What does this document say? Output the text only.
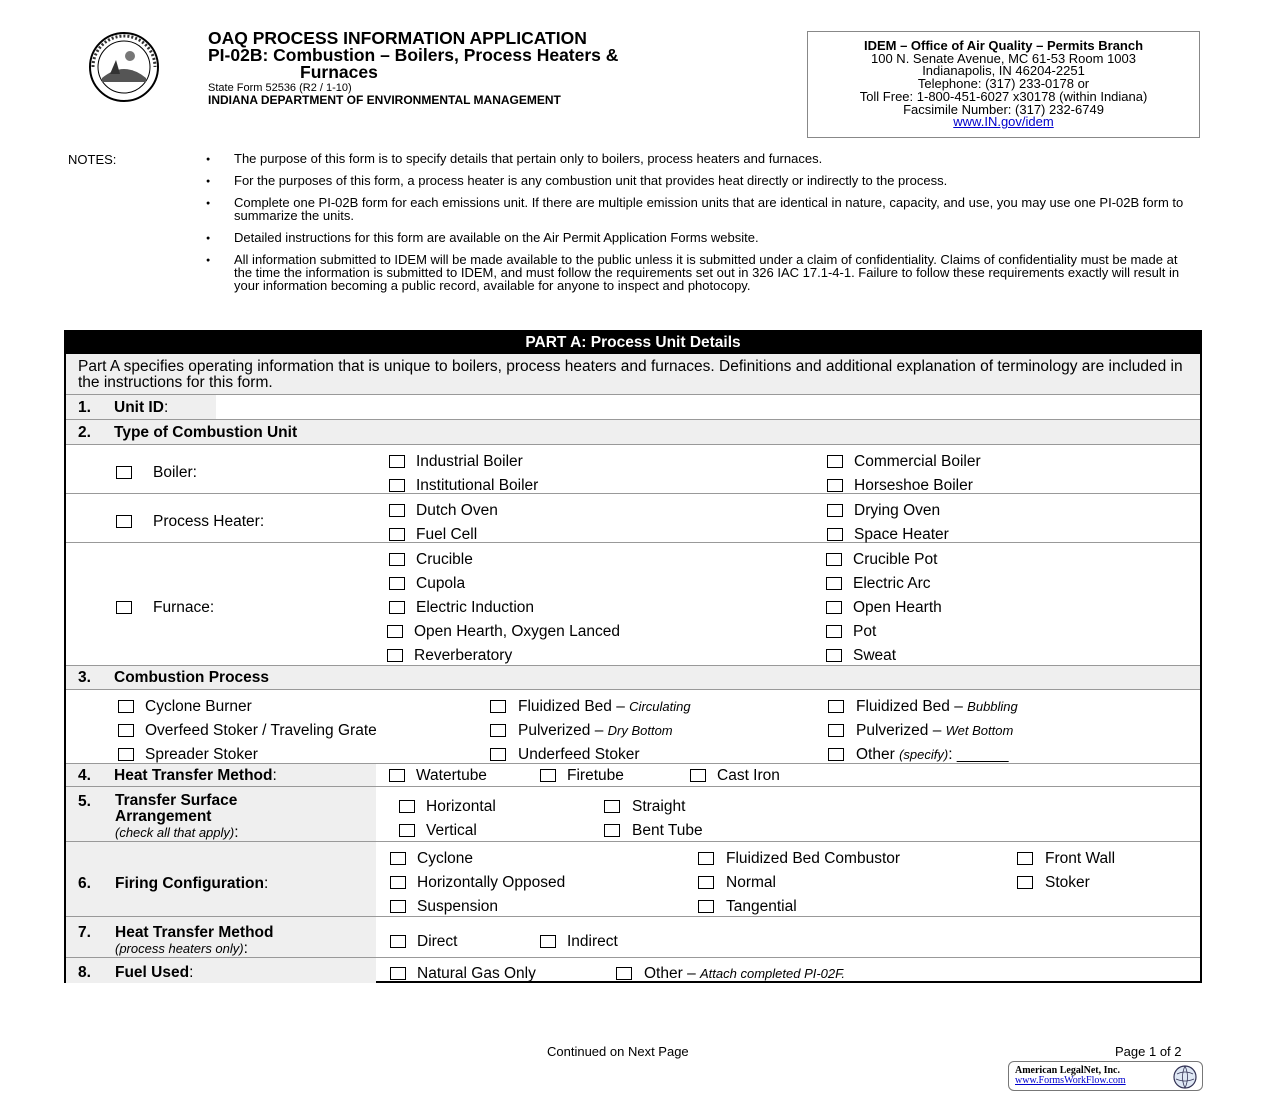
OAQ PROCESS INFORMATION APPLICATION
PI-02B: Combustion – Boilers, Process Heaters &
Furnaces
State Form 52536 (R2 / 1-10)
INDIANA DEPARTMENT OF ENVIRONMENTAL MANAGEMENT
IDEM – Office of Air Quality – Permits Branch
100 N. Senate Avenue, MC 61-53 Room 1003
Indianapolis, IN 46204-2251
Telephone: (317) 233-0178 or
Toll Free: 1-800-451-6027 x30178 (within Indiana)
Facsimile Number: (317) 232-6749
www.IN.gov/idem
NOTES:
●	The purpose of this form is to specify details that pertain only to boilers, process heaters and furnaces.
● For the purposes of this form, a process heater is any combustion unit that provides heat directly or indirectly to the process.
● Complete one PI-02B form for each emissions unit. If there are multiple emission units that are identical in nature, capacity, and use, you may use one PI-02B form to summarize the units.
● Detailed instructions for this form are available on the Air Permit Application Forms website.
● All information submitted to IDEM will be made available to the public unless it is submitted under a claim of confidentiality. Claims of confidentiality must be made at the time the information is submitted to IDEM, and must follow the requirements set out in 326 IAC 17.1-4-1. Failure to follow these requirements exactly will result in your information becoming a public record, available for anyone to inspect and photocopy.
PART A: Process Unit Details
Part A specifies operating information that is unique to boilers, process heaters and furnaces. Definitions and additional explanation of terminology are included in the instructions for this form.
1. Unit ID:
2. Type of Combustion Unit
Boiler:
Industrial Boiler	Commercial Boiler
Institutional Boiler	Horseshoe Boiler
Process Heater:
Dutch Oven	Drying Oven
Fuel Cell	Space Heater
Furnace:
Crucible	Crucible Pot
Cupola	Electric Arc
Electric Induction	Open Hearth
Open Hearth, Oxygen Lanced	Pot
Reverberatory	Sweat
3. Combustion Process
Cyclone Burner	Fluidized Bed – Circulating	Fluidized Bed – Bubbling
Overfeed Stoker / Traveling Grate	Pulverized – Dry Bottom	Pulverized – Wet Bottom
Spreader Stoker	Underfeed Stoker	Other (specify): ______
4. Heat Transfer Method:	Watertube	Firetube	Cast Iron
5. Transfer Surface
Arrangement
(check all that apply):
Horizontal	Straight
Vertical	Bent Tube
6. Firing Configuration:
Cyclone	Fluidized Bed Combustor	Front Wall
Horizontally Opposed	Normal	Stoker
Suspension	Tangential
7. Heat Transfer Method
(process heaters only):	Direct	Indirect
8. Fuel Used:	Natural Gas Only	Other – Attach completed PI-02F.
Continued on Next Page	Page 1 of 2
American LegalNet, Inc.
www.FormsWorkFlow.com
